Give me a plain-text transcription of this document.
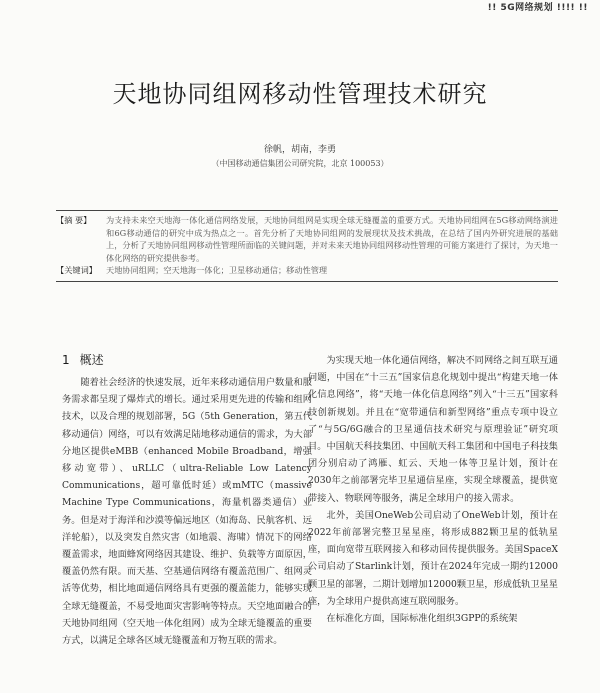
!! 5G网络规划 !!!! !!
天地协同组网移动性管理技术研究
徐帆，胡南，李勇
（中国移动通信集团公司研究院，北京 100053）
【摘 要】	为支持未来空天地海一体化通信网络发展，天地协同组网是实现全球无缝覆盖的重要方式。天地协同组网在5G移动网络演进和6G移动通信的研究中成为热点之一。首先分析了天地协同组网的发展现状及技术挑战，在总结了国内外研究进展的基础上，分析了天地协同组网移动性管理所面临的关键问题，并对未来天地协同组网移动性管理的可能方案进行了探讨，为天地一体化网络的研究提供参考。
【关键词】	天地协同组网；空天地海一体化；卫星移动通信；移动性管理
1 概述

随着社会经济的快速发展，近年来移动通信用户数量和服务需求都呈现了爆炸式的增长。通过采用更先进的传输和组网技术，以及合理的规划部署，5G（5th Generation，第五代移动通信）网络，可以有效满足陆地移动通信的需求，为大部分地区提供eMBB（enhanced Mobile Broadband，增强移动宽带）、uRLLC（ultra-Reliable Low Latency Communications，超可靠低时延）或mMTC（massive Machine Type Communications，海量机器类通信）业务。但是对于海洋和沙漠等偏远地区（如海岛、民航客机、远洋轮船），以及突发自然灾害（如地震、海啸）情况下的网络覆盖需求，地面蜂窝网络因其建设、维护、负载等方面原因，覆盖仍然有限。而天基、空基通信网络有覆盖范围广、组网灵活等优势，相比地面通信网络具有更强的覆盖能力，能够实现全球无缝覆盖，不易受地面灾害影响等特点。天空地面融合的天地协同组网（空天地一体化组网）成为全球无缝覆盖的重要方式，以满足全球各区域无缝覆盖和万物互联的需求。

为实现天地一体化通信网络，解决不同网络之间互联互通问题，中国在“十三五”国家信息化规划中提出“构建天地一体化信息网络”，将“天地一体化信息网络”列入“十三五”国家科技创新规划。并且在“宽带通信和新型网络”重点专项中设立了“与5G/6G融合的卫星通信技术研究与原理验证”研究项目。中国航天科技集团、中国航天科工集团和中国电子科技集团分别启动了鸿雁、虹云、天地一体等卫星计划，预计在2030年之前部署完毕卫星通信星座，实现全球覆盖，提供宽带接入、物联网等服务，满足全球用户的接入需求。

北外，美国OneWeb公司启动了OneWeb计划，预计在2022年前部署完整卫星星座，将形成882颗卫星的低轨星座，面向宽带互联网接入和移动回传提供服务。美国SpaceX公司启动了Starlink计划，预计在2024年完成一期约12000颗卫星的部署，二期计划增加12000颗卫星，形成低轨卫星星座，为全球用户提供高速互联网服务。

在标准化方面，国际标准化组织3GPP的系统架
